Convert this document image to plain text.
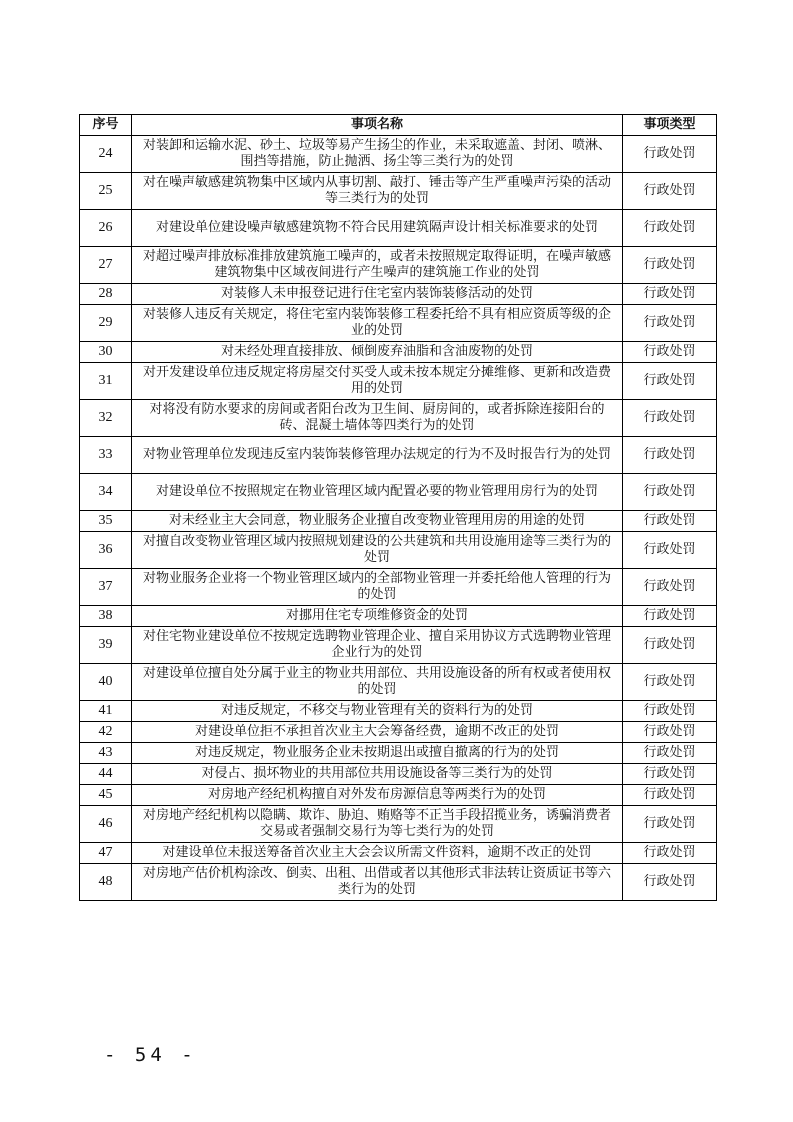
序号	事项名称	事项类型
24	对装卸和运输水泥、砂土、垃圾等易产生扬尘的作业，未采取遮盖、封闭、喷淋、围挡等措施，防止抛洒、扬尘等三类行为的处罚	行政处罚
25	对在噪声敏感建筑物集中区域内从事切割、敲打、锤击等产生严重噪声污染的活动等三类行为的处罚	行政处罚
26	对建设单位建设噪声敏感建筑物不符合民用建筑隔声设计相关标准要求的处罚	行政处罚
27	对超过噪声排放标准排放建筑施工噪声的，或者未按照规定取得证明，在噪声敏感建筑物集中区域夜间进行产生噪声的建筑施工作业的处罚	行政处罚
28	对装修人未申报登记进行住宅室内装饰装修活动的处罚	行政处罚
29	对装修人违反有关规定，将住宅室内装饰装修工程委托给不具有相应资质等级的企业的处罚	行政处罚
30	对未经处理直接排放、倾倒废弃油脂和含油废物的处罚	行政处罚
31	对开发建设单位违反规定将房屋交付买受人或未按本规定分摊维修、更新和改造费用的处罚	行政处罚
32	对将没有防水要求的房间或者阳台改为卫生间、厨房间的，或者拆除连接阳台的砖、混凝土墙体等四类行为的处罚	行政处罚
33	对物业管理单位发现违反室内装饰装修管理办法规定的行为不及时报告行为的处罚	行政处罚
34	对建设单位不按照规定在物业管理区域内配置必要的物业管理用房行为的处罚	行政处罚
35	对未经业主大会同意，物业服务企业擅自改变物业管理用房的用途的处罚	行政处罚
36	对擅自改变物业管理区域内按照规划建设的公共建筑和共用设施用途等三类行为的处罚	行政处罚
37	对物业服务企业将一个物业管理区域内的全部物业管理一并委托给他人管理的行为的处罚	行政处罚
38	对挪用住宅专项维修资金的处罚	行政处罚
39	对住宅物业建设单位不按规定选聘物业管理企业、擅自采用协议方式选聘物业管理企业行为的处罚	行政处罚
40	对建设单位擅自处分属于业主的物业共用部位、共用设施设备的所有权或者使用权的处罚	行政处罚
41	对违反规定，不移交与物业管理有关的资料行为的处罚	行政处罚
42	对建设单位拒不承担首次业主大会筹备经费，逾期不改正的处罚	行政处罚
43	对违反规定，物业服务企业未按期退出或擅自撤离的行为的处罚	行政处罚
44	对侵占、损坏物业的共用部位共用设施设备等三类行为的处罚	行政处罚
45	对房地产经纪机构擅自对外发布房源信息等两类行为的处罚	行政处罚
46	对房地产经纪机构以隐瞒、欺诈、胁迫、贿赂等不正当手段招揽业务，诱骗消费者交易或者强制交易行为等七类行为的处罚	行政处罚
47	对建设单位未报送筹备首次业主大会会议所需文件资料，逾期不改正的处罚	行政处罚
48	对房地产估价机构涂改、倒卖、出租、出借或者以其他形式非法转让资质证书等六类行为的处罚	行政处罚
- 54 -
